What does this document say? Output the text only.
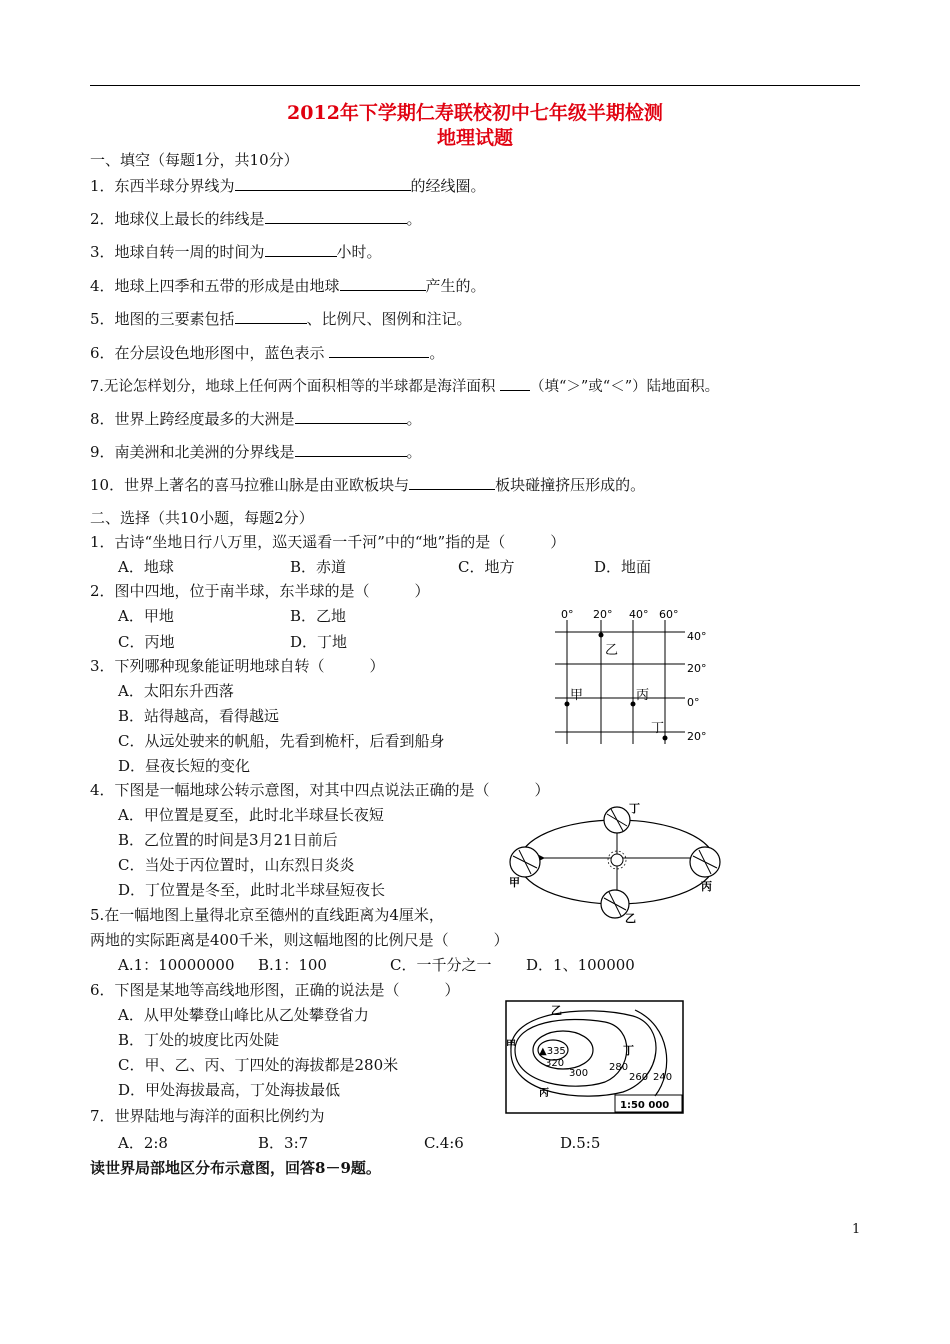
2012年下学期仁寿联校初中七年级半期检测
地理试题
一、填空（每题1分，共10分）
1．东西半球分界线为	的经线圈。
2．地球仪上最长的纬线是	。
3．地球自转一周的时间为	小时。
4．地球上四季和五带的形成是由地球	产生的。
5．地图的三要素包括	、比例尺、图例和注记。
6．在分层设色地形图中，蓝色表示	。
7.无论怎样划分，地球上任何两个面积相等的半球都是海洋面积 （填“＞”或“＜”）陆地面积。
8．世界上跨经度最多的大洲是	。
9．南美洲和北美洲的分界线是	。
10．世界上著名的喜马拉雅山脉是由亚欧板块与	板块碰撞挤压形成的。
二、选择（共10小题，每题2分）
1．古诗“坐地日行八万里，巡天遥看一千河”中的“地”指的是（　　　）
A．地球	B．赤道	C．地方	D．地面
2．图中四地，位于南半球，东半球的是（　　　）
A．甲地	B．乙地
C．丙地	D．丁地
3．下列哪种现象能证明地球自转（　　　）
A．太阳东升西落
B．站得越高，看得越远
C．从远处驶来的帆船，先看到桅杆，后看到船身
D．昼夜长短的变化
4．下图是一幅地球公转示意图，对其中四点说法正确的是（　　　）
A．甲位置是夏至，此时北半球昼长夜短
B．乙位置的时间是3月21日前后
C．当处于丙位置时，山东烈日炎炎
D．丁位置是冬至，此时北半球昼短夜长
5.在一幅地图上量得北京至德州的直线距离为4厘米，
两地的实际距离是400千米，则这幅地图的比例尺是（　　　）
A.1：10000000 B.1：100	C．一千分之一 D．1、100000
6．下图是某地等高线地形图，正确的说法是（　　　）
A．从甲处攀登山峰比从乙处攀登省力
B．丁处的坡度比丙处陡
C．甲、乙、丙、丁四处的海拔都是280米
D．甲处海拔最高，丁处海拔最低
7．世界陆地与海洋的面积比例约为
A．2:8	B．3:7	C.4:6	D.5:5
读世界局部地区分布示意图，回答8－9题。
0° 20° 40° 60°
40°
20°
0°
20°
乙
甲	丙
丁
甲
乙
丙
丁
▲335
320
300
280
260 240
甲
乙
丙
丁
1:50 000
1
